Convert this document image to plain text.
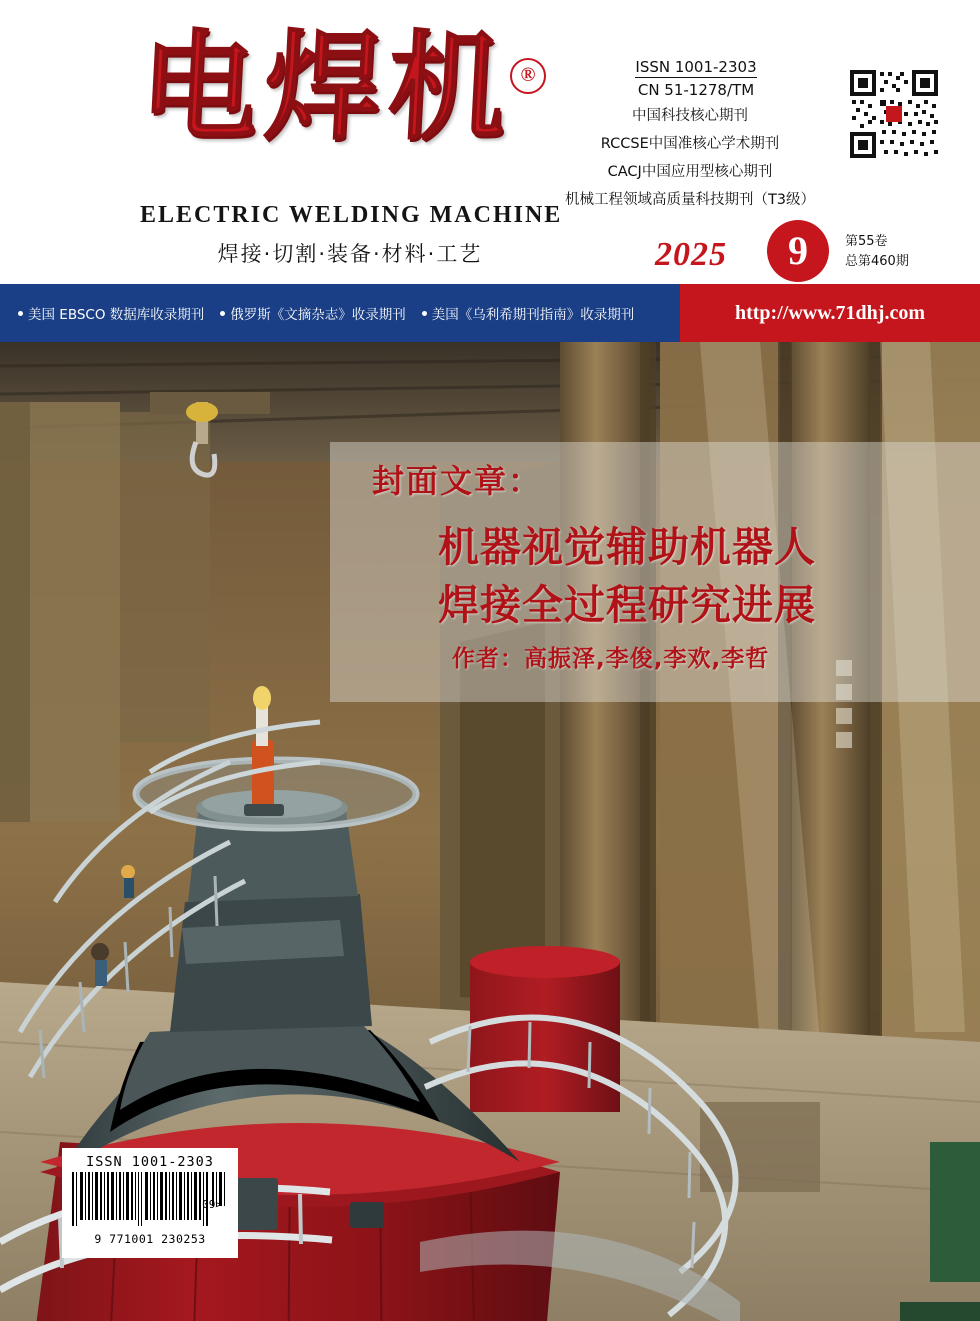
电焊机 ®
ELECTRIC WELDING MACHINE
焊接·切割·装备·材料·工艺
ISSN 1001-2303
CN 51-1278/TM
中国科技核心期刊
RCCSE中国准核心学术期刊
CACJ中国应用型核心期刊
机械工程领域高质量科技期刊（T3级）
2025	9	第55卷
总第460期
美国 EBSCO 数据库收录期刊 俄罗斯《文摘杂志》收录期刊 美国《乌利希期刊指南》收录期刊	http://www.71dhj.com
封面文章：
机器视觉辅助机器人
焊接全过程研究进展
作者：高振泽,李俊,李欢,李哲
ISSN 1001-2303
09>
9 771001 230253
